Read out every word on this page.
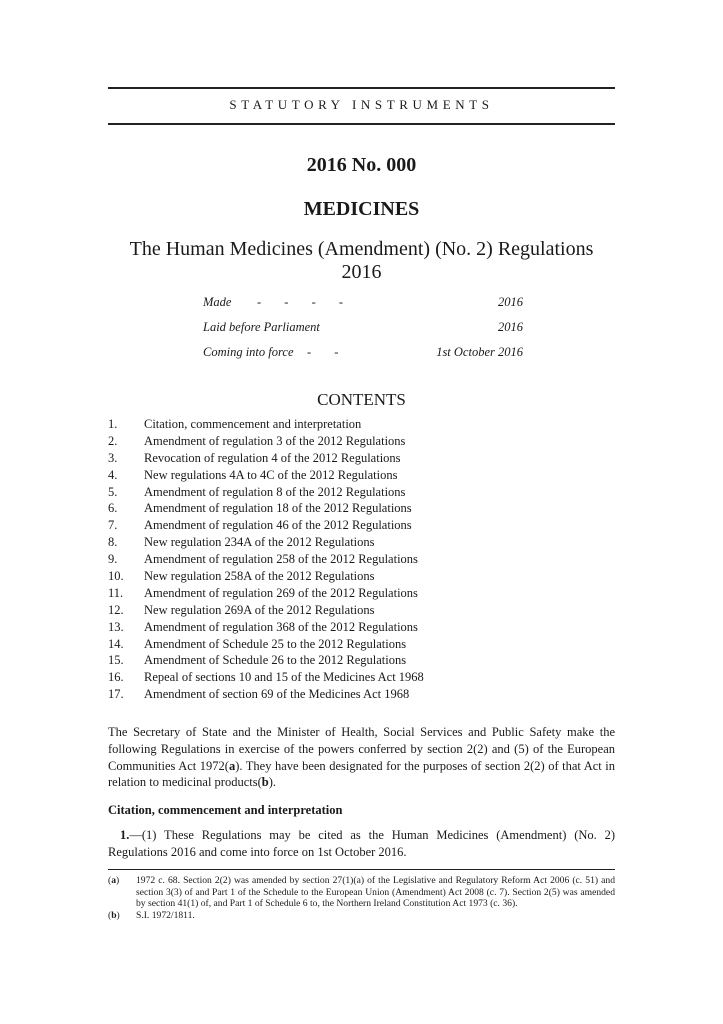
STATUTORY INSTRUMENTS
2016 No. 000
MEDICINES
The Human Medicines (Amendment) (No. 2) Regulations 2016
Made - - - -	2016
Laid before Parliament	2016
Coming into force - -	1st October 2016
CONTENTS
1. Citation, commencement and interpretation
2. Amendment of regulation 3 of the 2012 Regulations
3. Revocation of regulation 4 of the 2012 Regulations
4. New regulations 4A to 4C of the 2012 Regulations
5. Amendment of regulation 8 of the 2012 Regulations
6. Amendment of regulation 18 of the 2012 Regulations
7. Amendment of regulation 46 of the 2012 Regulations
8. New regulation 234A of the 2012 Regulations
9. Amendment of regulation 258 of the 2012 Regulations
10. New regulation 258A of the 2012 Regulations
11. Amendment of regulation 269 of the 2012 Regulations
12. New regulation 269A of the 2012 Regulations
13. Amendment of regulation 368 of the 2012 Regulations
14. Amendment of Schedule 25 to the 2012 Regulations
15. Amendment of Schedule 26 to the 2012 Regulations
16. Repeal of sections 10 and 15 of the Medicines Act 1968
17. Amendment of section 69 of the Medicines Act 1968

The Secretary of State and the Minister of Health, Social Services and Public Safety make the following Regulations in exercise of the powers conferred by section 2(2) and (5) of the European Communities Act 1972(a). They have been designated for the purposes of section 2(2) of that Act in relation to medicinal products(b).

Citation, commencement and interpretation

1.—(1) These Regulations may be cited as the Human Medicines (Amendment) (No. 2) Regulations 2016 and come into force on 1st October 2016.

(a) 1972 c. 68. Section 2(2) was amended by section 27(1)(a) of the Legislative and Regulatory Reform Act 2006 (c. 51) and section 3(3) of and Part 1 of the Schedule to the European Union (Amendment) Act 2008 (c. 7). Section 2(5) was amended by section 41(1) of, and Part 1 of Schedule 6 to, the Northern Ireland Constitution Act 1973 (c. 36).
(b) S.I. 1972/1811.
